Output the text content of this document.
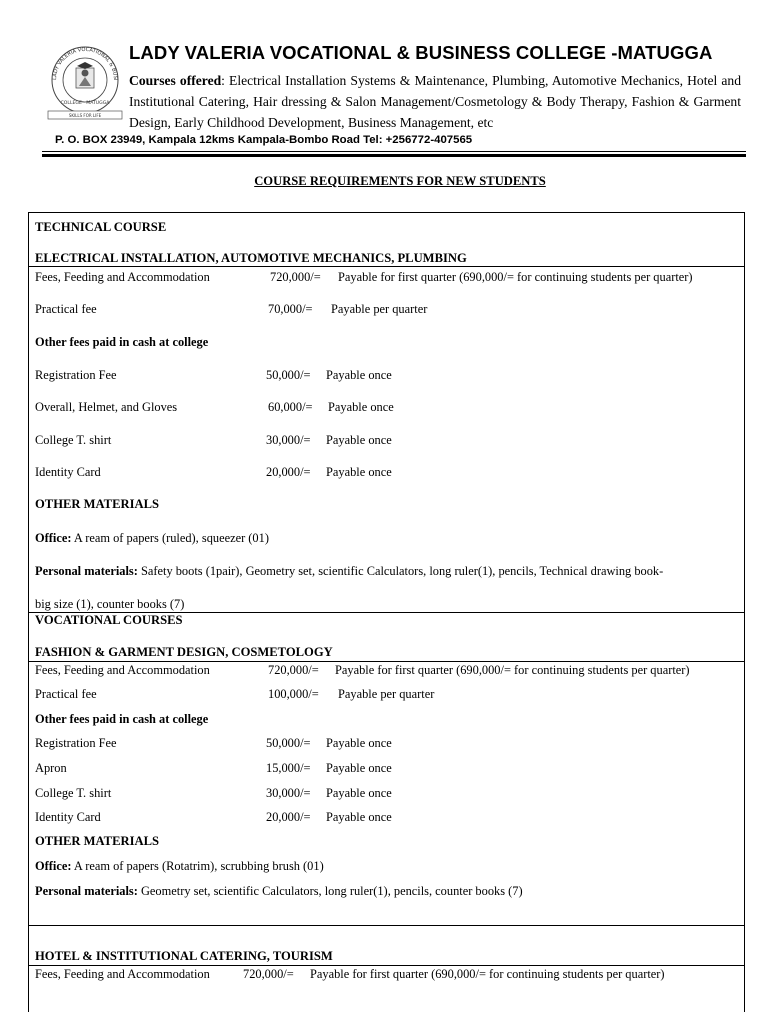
LADY VALERIA VOCATIONAL & BUSI
COLLEGE · MATUGGA
SKILLS FOR LIFE
LADY VALERIA VOCATIONAL & BUSINESS COLLEGE -MATUGGA
Courses offered: Electrical Installation Systems & Maintenance, Plumbing, Automotive Mechanics, Hotel and Institutional Catering, Hair dressing & Salon Management/Cosmetology & Body Therapy, Fashion & Garment Design, Early Childhood Development, Business Management, etc
P. O. BOX 23949, Kampala 12kms Kampala-Bombo Road Tel: +256772-407565
COURSE REQUIREMENTS FOR NEW STUDENTS
TECHNICAL COURSE
ELECTRICAL INSTALLATION, AUTOMOTIVE MECHANICS, PLUMBING
Fees, Feeding and Accommodation	720,000/= Payable for first quarter (690,000/= for continuing students per quarter)
Practical fee	70,000/= Payable per quarter
Other fees paid in cash at college
Registration Fee	50,000/= Payable once
Overall, Helmet, and Gloves	60,000/= Payable once
College T. shirt	30,000/= Payable once
Identity Card	20,000/= Payable once
OTHER MATERIALS
Office: A ream of papers (ruled), squeezer (01)
Personal materials: Safety boots (1pair), Geometry set, scientific Calculators, long ruler(1), pencils, Technical drawing book-
big size (1), counter books (7)
VOCATIONAL COURSES
FASHION & GARMENT DESIGN, COSMETOLOGY
Fees, Feeding and Accommodation	720,000/= Payable for first quarter (690,000/= for continuing students per quarter)
Practical fee	100,000/= Payable per quarter
Other fees paid in cash at college
Registration Fee	50,000/= Payable once
Apron	15,000/= Payable once
College T. shirt	30,000/= Payable once
Identity Card	20,000/= Payable once
OTHER MATERIALS
Office: A ream of papers (Rotatrim), scrubbing brush (01)
Personal materials: Geometry set, scientific Calculators, long ruler(1), pencils, counter books (7)
HOTEL & INSTITUTIONAL CATERING, TOURISM
Fees, Feeding and Accommodation	720,000/= Payable for first quarter (690,000/= for continuing students per quarter)
